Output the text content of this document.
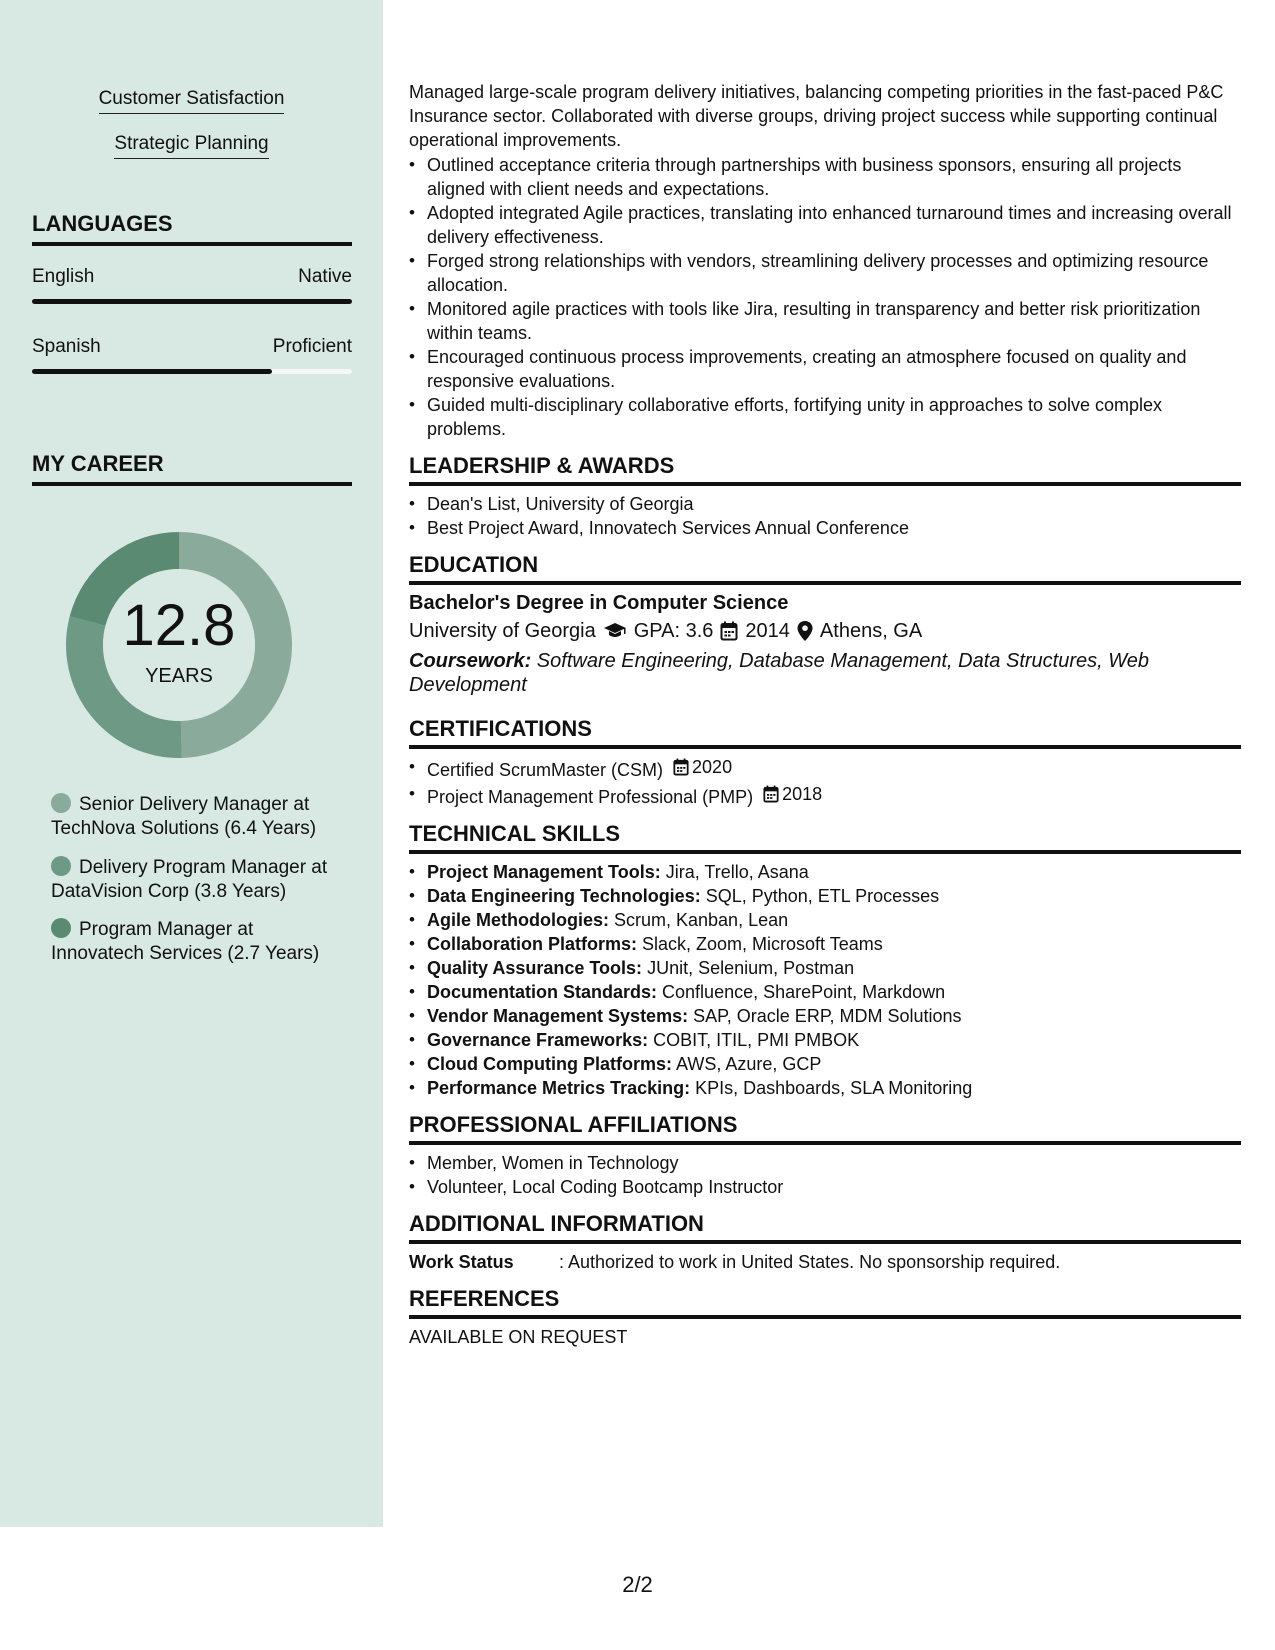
Customer Satisfaction
Strategic Planning
LANGUAGES
English	Native
Spanish	Proficient
MY CAREER
12.8
YEARS
Senior Delivery Manager at TechNova Solutions (6.4 Years)
Delivery Program Manager at DataVision Corp (3.8 Years)
Program Manager at Innovatech Services (2.7 Years)

Managed large-scale program delivery initiatives, balancing competing priorities in the fast-paced P&C Insurance sector. Collaborated with diverse groups, driving project success while supporting continual operational improvements.

• Outlined acceptance criteria through partnerships with business sponsors, ensuring all projects aligned with client needs and expectations.
• Adopted integrated Agile practices, translating into enhanced turnaround times and increasing overall delivery effectiveness.
• Forged strong relationships with vendors, streamlining delivery processes and optimizing resource allocation.
• Monitored agile practices with tools like Jira, resulting in transparency and better risk prioritization within teams.
• Encouraged continuous process improvements, creating an atmosphere focused on quality and responsive evaluations.
• Guided multi-disciplinary collaborative efforts, fortifying unity in approaches to solve complex problems.
LEADERSHIP & AWARDS
• Dean's List, University of Georgia
• Best Project Award, Innovatech Services Annual Conference
EDUCATION
Bachelor's Degree in Computer Science
University of Georgia GPA: 3.6 2014 Athens, GA
Coursework: Software Engineering, Database Management, Data Structures, Web Development
CERTIFICATIONS
• Certified ScrumMaster (CSM) 2020
• Project Management Professional (PMP) 2018
TECHNICAL SKILLS
• Project Management Tools: Jira, Trello, Asana
• Data Engineering Technologies: SQL, Python, ETL Processes
• Agile Methodologies: Scrum, Kanban, Lean
• Collaboration Platforms: Slack, Zoom, Microsoft Teams
• Quality Assurance Tools: JUnit, Selenium, Postman
• Documentation Standards: Confluence, SharePoint, Markdown
• Vendor Management Systems: SAP, Oracle ERP, MDM Solutions
• Governance Frameworks: COBIT, ITIL, PMI PMBOK
• Cloud Computing Platforms: AWS, Azure, GCP
• Performance Metrics Tracking: KPIs, Dashboards, SLA Monitoring
PROFESSIONAL AFFILIATIONS
• Member, Women in Technology
• Volunteer, Local Coding Bootcamp Instructor
ADDITIONAL INFORMATION
Work Status	: Authorized to work in United States. No sponsorship required.
REFERENCES
AVAILABLE ON REQUEST
2/2
